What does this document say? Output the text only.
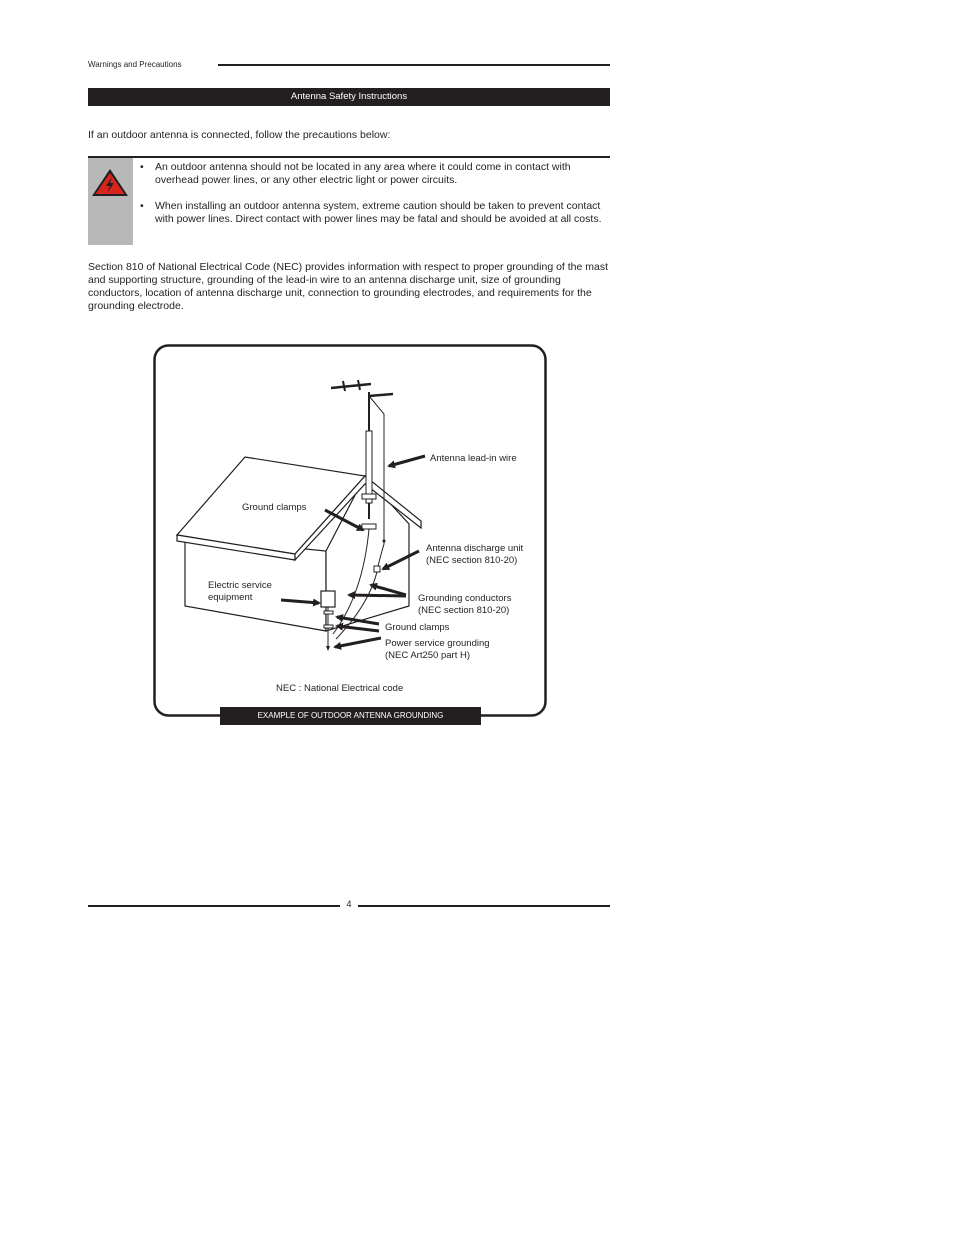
Warnings and Precautions
Antenna Safety Instructions
If an outdoor antenna is connected, follow the precautions below:
• An outdoor antenna should not be located in any area where it could come in contact with overhead power lines, or any other electric light or power circuits.
• When installing an outdoor antenna system, extreme caution should be taken to prevent contact with power lines. Direct contact with power lines may be fatal and should be avoided at all costs.
Section 810 of National Electrical Code (NEC) provides information with respect to proper grounding of the mast and supporting structure, grounding of the lead-in wire to an antenna discharge unit, size of grounding conductors, location of antenna discharge unit, connection to grounding electrodes, and requirements for the grounding electrode.
Antenna lead-in wire
Ground clamps
Antenna discharge unit
(NEC section 810-20)
Electric service
equipment	Grounding conductors
(NEC section 810-20)
Ground clamps
Power service grounding
(NEC Art250 part H)
NEC : National Electrical code
EXAMPLE OF OUTDOOR ANTENNA GROUNDING
4
